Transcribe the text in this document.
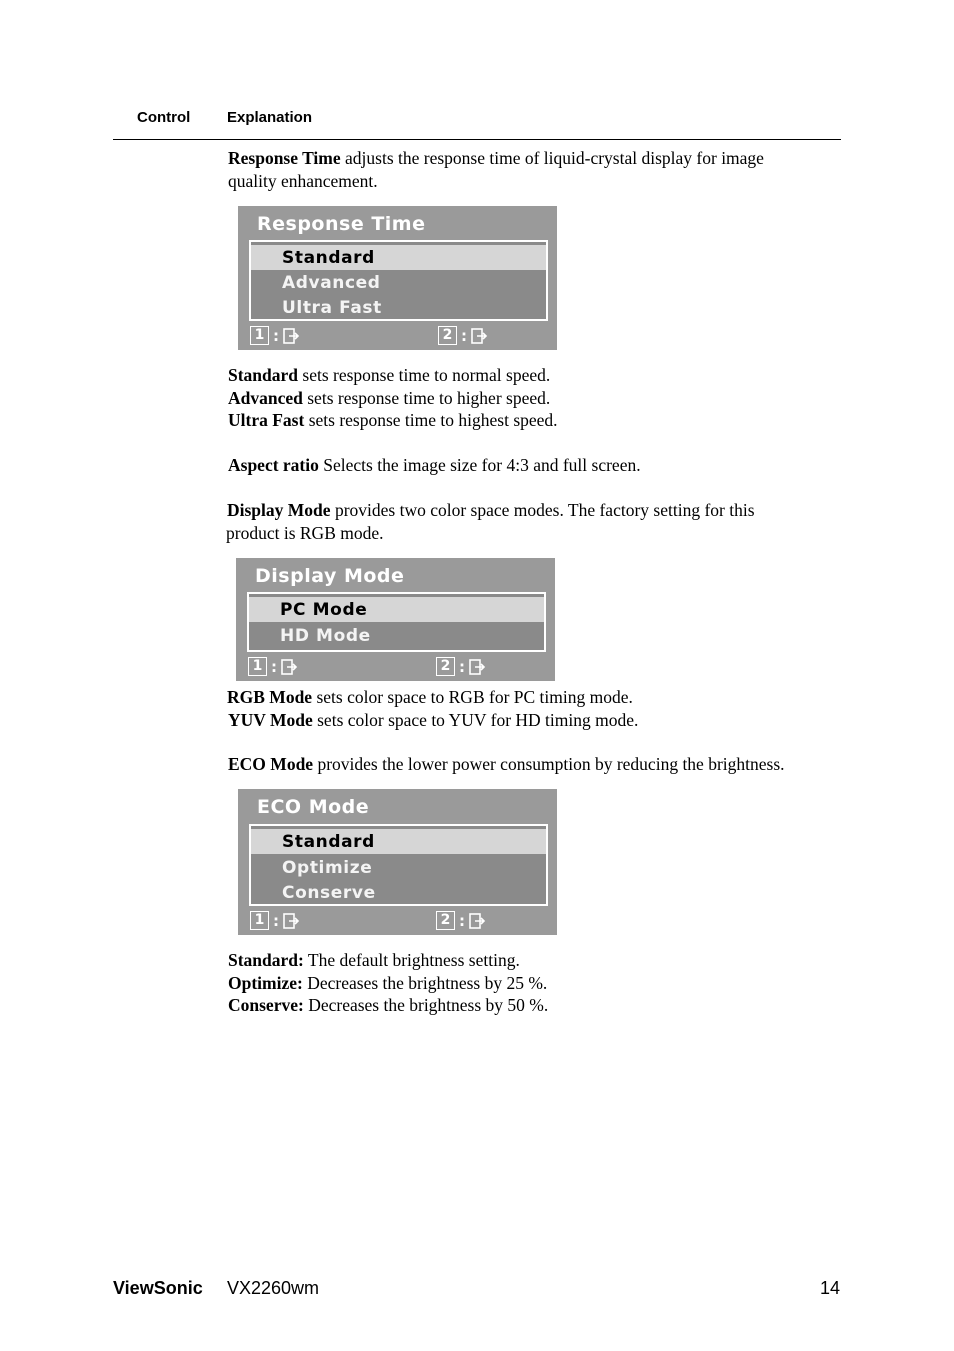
Control Explanation
Response Time adjusts the response time of liquid-crystal display for image
quality enhancement.
Response Time
Standard
Advanced
Ultra Fast
1 :	2 :
Standard sets response time to normal speed.
Advanced sets response time to higher speed.
Ultra Fast sets response time to highest speed.
Aspect ratio Selects the image size for 4:3 and full screen.
Display Mode provides two color space modes. The factory setting for this
product is RGB mode.
Display Mode
PC Mode
HD Mode
1 :	2 :
RGB Mode sets color space to RGB for PC timing mode.
YUV Mode sets color space to YUV for HD timing mode.
ECO Mode provides the lower power consumption by reducing the brightness.
ECO Mode
Standard
Optimize
Conserve
1 :	2 :
Standard: The default brightness setting.
Optimize: Decreases the brightness by 25 %.
Conserve: Decreases the brightness by 50 %.
ViewSonic VX2260wm	14
